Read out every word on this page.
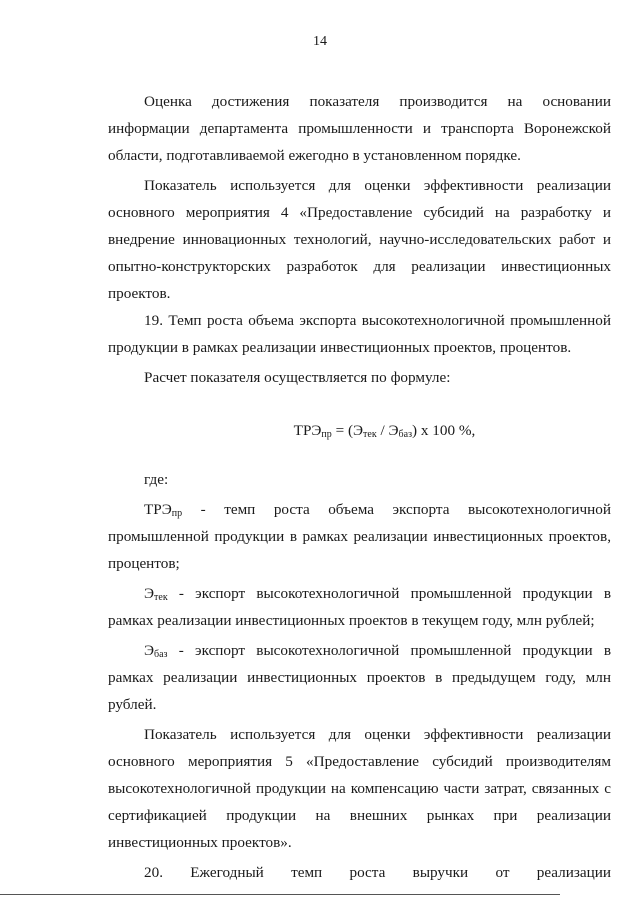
14

Оценка достижения показателя производится на основании информации департамента промышленности и транспорта Воронежской области, подготавливаемой ежегодно в установленном порядке.

Показатель используется для оценки эффективности реализации основного мероприятия 4 «Предоставление субсидий на разработку и внедрение инновационных технологий, научно-исследовательских работ и опытно-конструкторских разработок для реализации инвестиционных проектов.

19. Темп роста объема экспорта высокотехнологичной промышленной продукции в рамках реализации инвестиционных проектов, процентов.

Расчет показателя осуществляется по формуле:

$ТРЭ_{пр} = (Э_{тек} / Э_{баз})$ х 100 %,

где:

$ТРЭ_{пр}$ - темп роста объема экспорта высокотехнологичной промышленной продукции в рамках реализации инвестиционных проектов, процентов;

$Э_{тек}$ - экспорт высокотехнологичной промышленной продукции в рамках реализации инвестиционных проектов в текущем году, млн рублей;

$Э_{баз}$ - экспорт высокотехнологичной промышленной продукции в рамках реализации инвестиционных проектов в предыдущем году, млн рублей.

Показатель используется для оценки эффективности реализации основного мероприятия 5 «Предоставление субсидий производителям высокотехнологичной продукции на компенсацию части затрат, связанных с сертификацией продукции на внешних рынках при реализации инвестиционных проектов».

20. Ежегодный темп роста выручки от реализации
